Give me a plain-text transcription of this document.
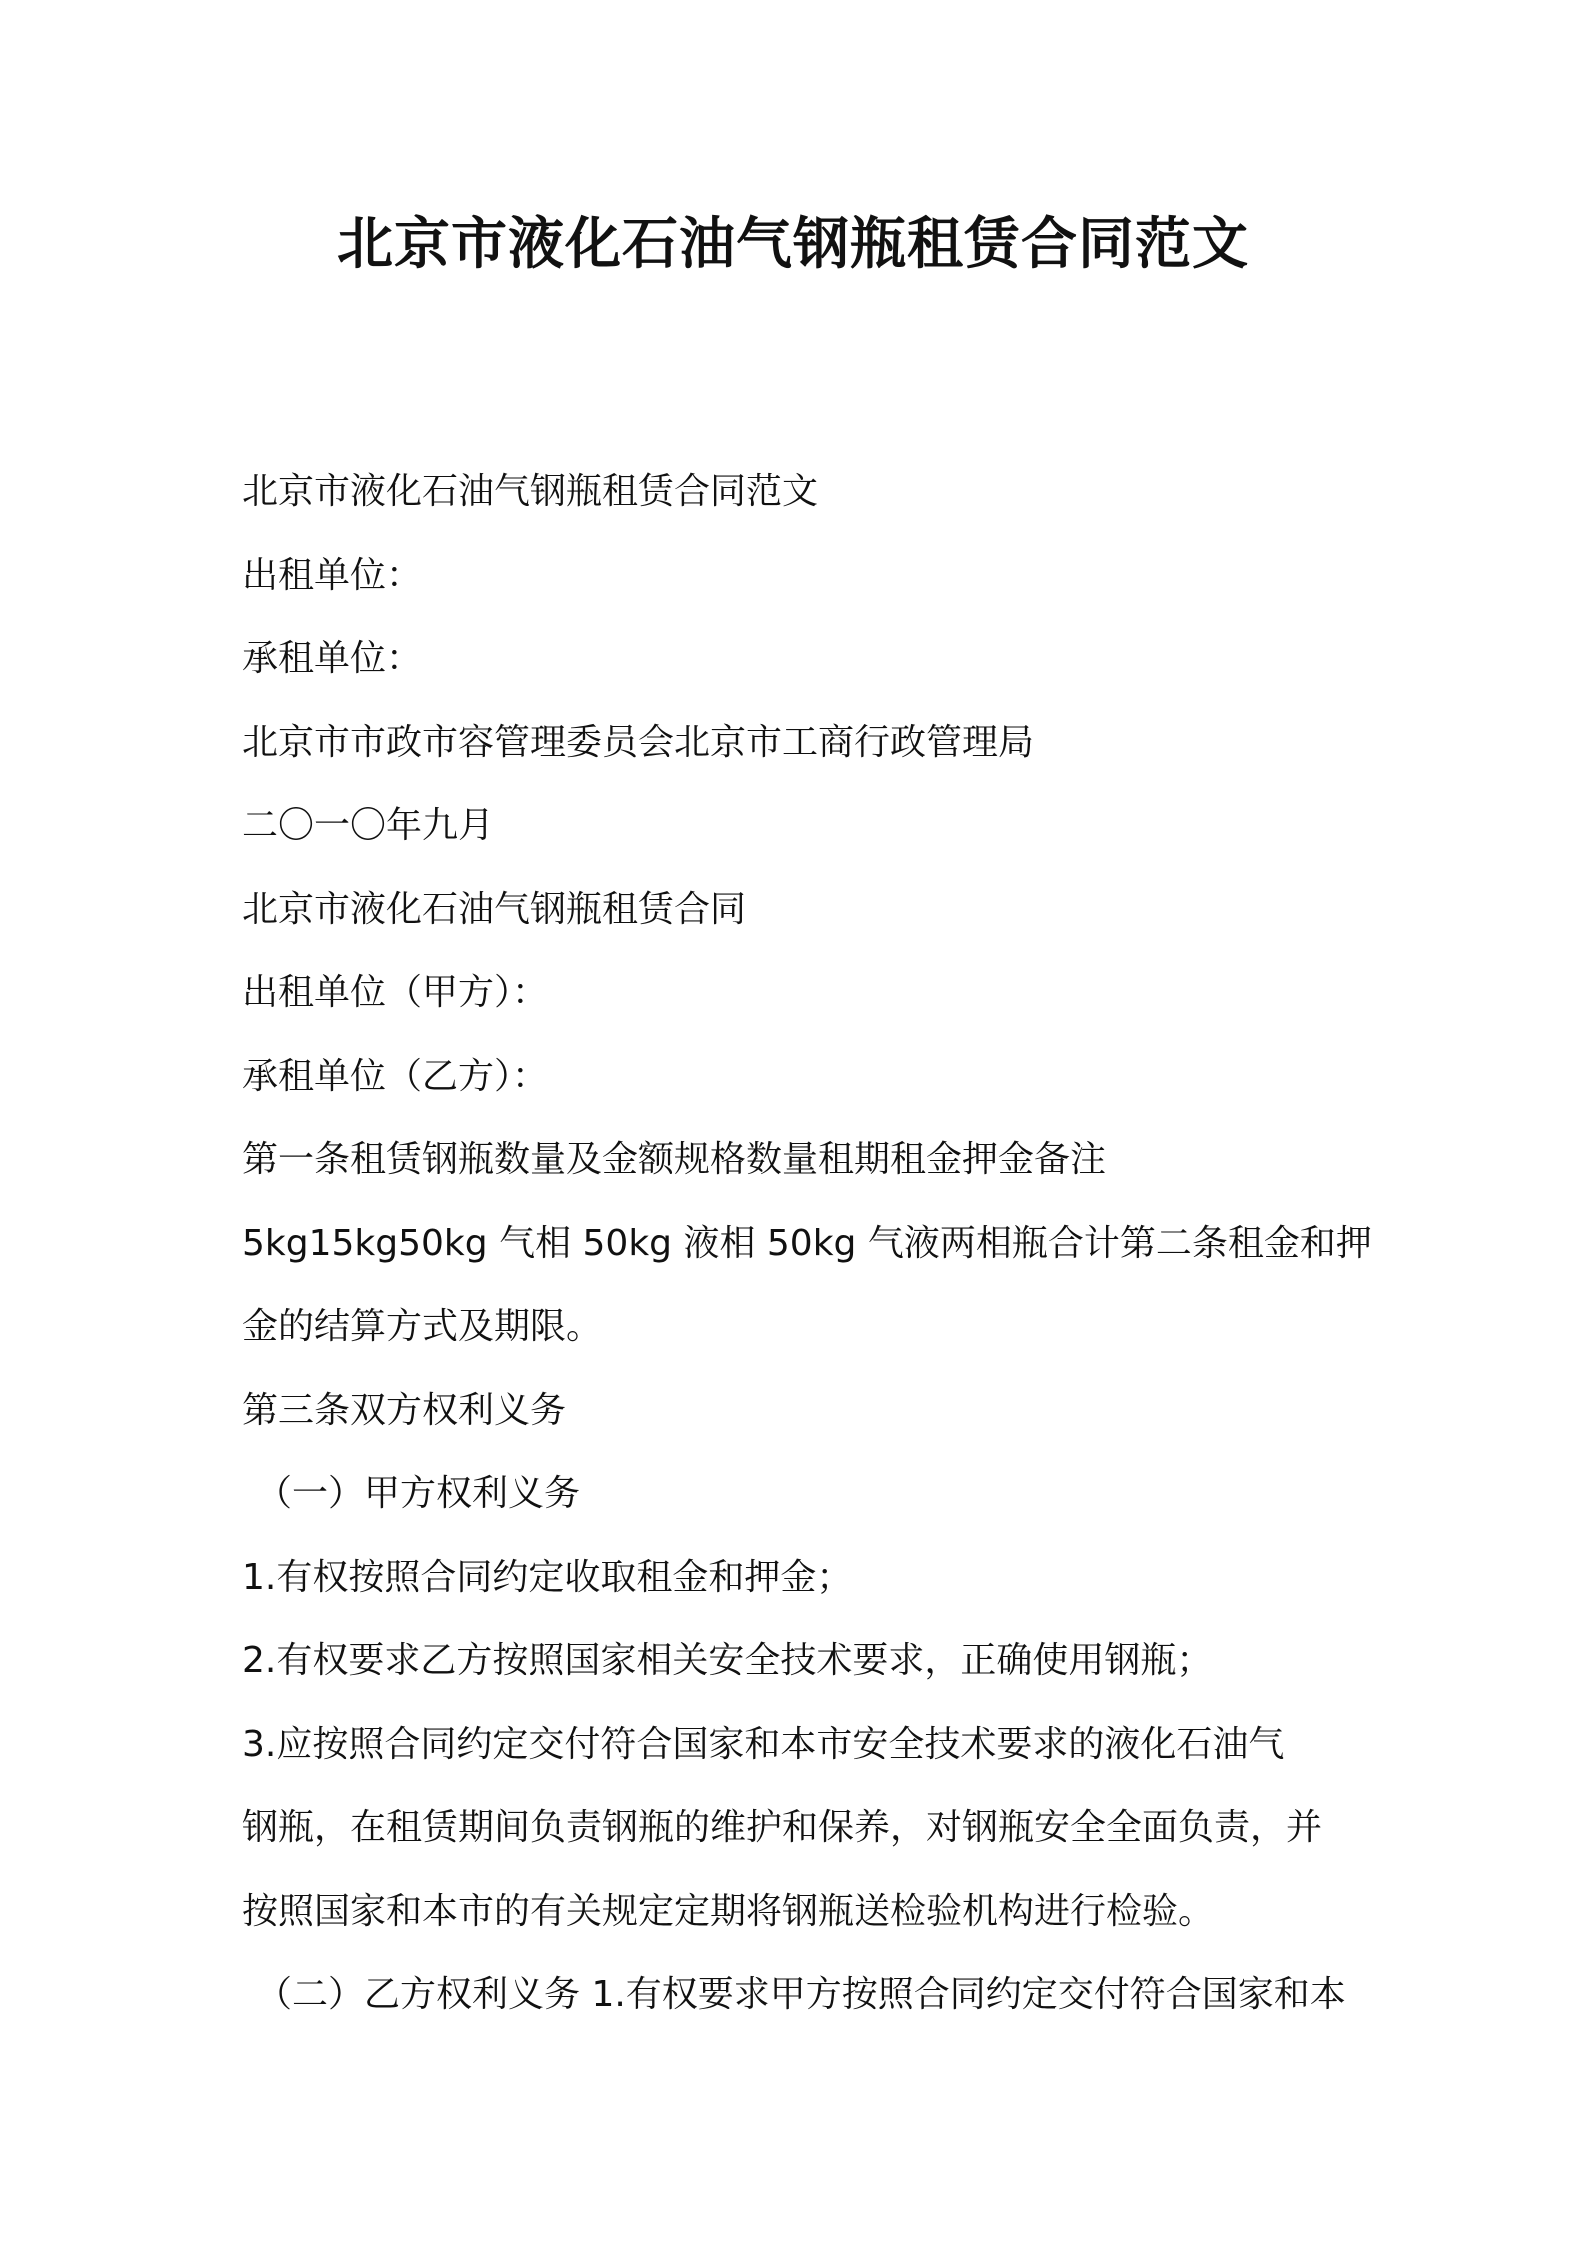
北京市液化石油气钢瓶租赁合同范文

北京市液化石油气钢瓶租赁合同范文

出租单位：

承租单位：

北京市市政市容管理委员会北京市工商行政管理局

二〇一〇年九月

北京市液化石油气钢瓶租赁合同

出租单位（甲方）：

承租单位（乙方）：

第一条租赁钢瓶数量及金额规格数量租期租金押金备注

5kg15kg50kg 气相 50kg 液相 50kg 气液两相瓶合计第二条租金和押

金的结算方式及期限。

第三条双方权利义务

（一）甲方权利义务

1.有权按照合同约定收取租金和押金；

2.有权要求乙方按照国家相关安全技术要求，正确使用钢瓶；

3.应按照合同约定交付符合国家和本市安全技术要求的液化石油气

钢瓶，在租赁期间负责钢瓶的维护和保养，对钢瓶安全全面负责，并

按照国家和本市的有关规定定期将钢瓶送检验机构进行检验。

（二）乙方权利义务 1.有权要求甲方按照合同约定交付符合国家和本
